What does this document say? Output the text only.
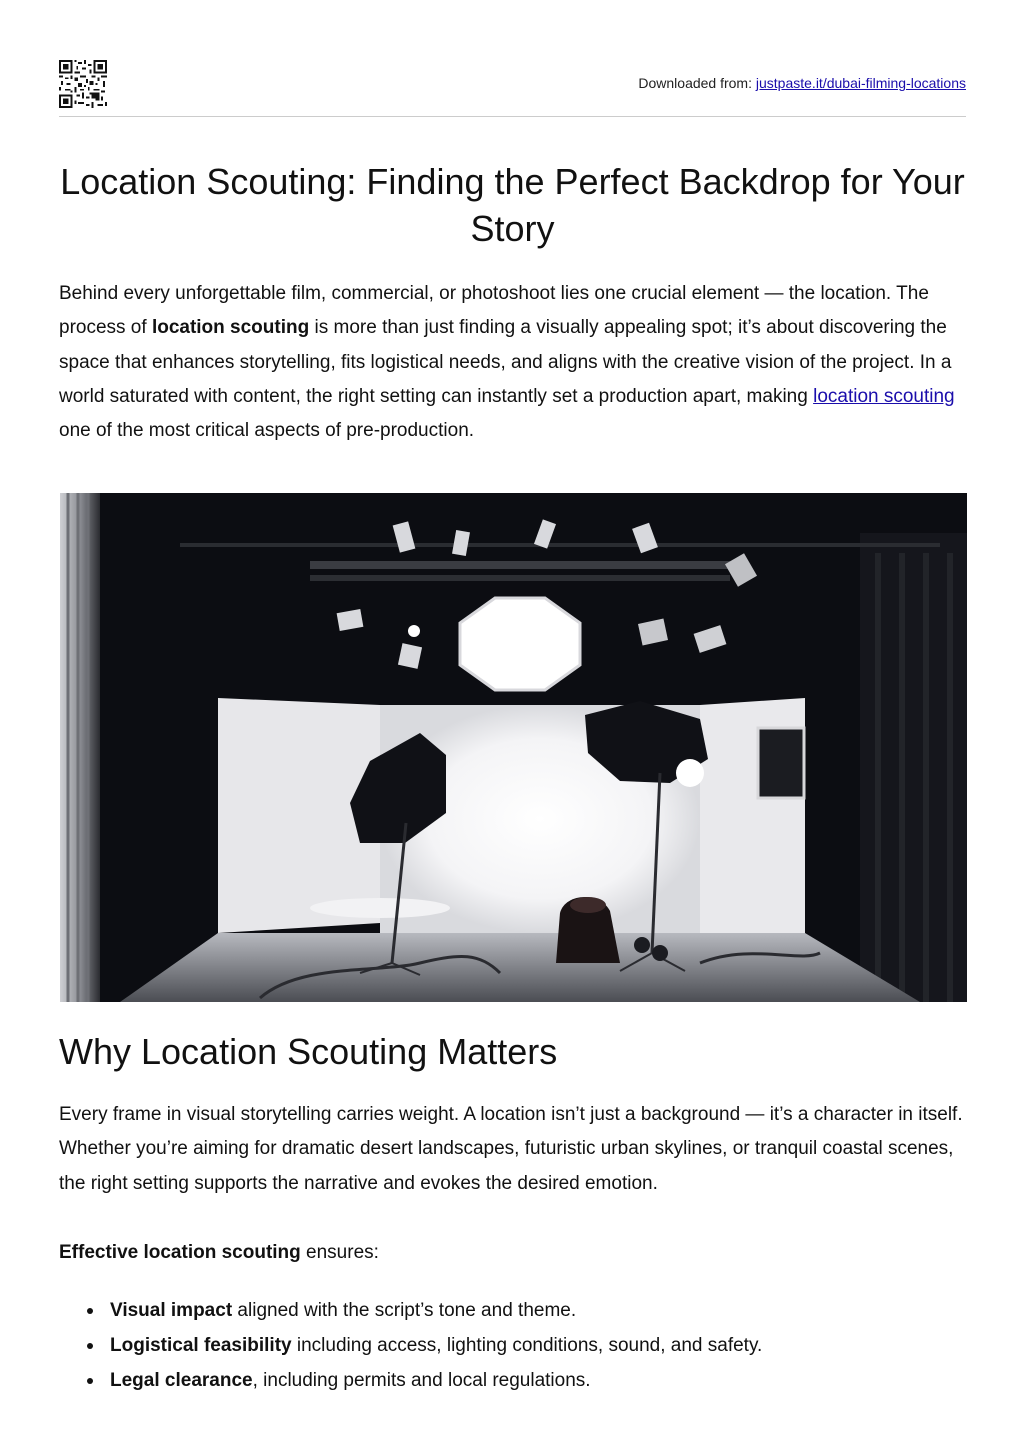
Downloaded from: justpaste.it/dubai-filming-locations
Location Scouting: Finding the Perfect Backdrop for Your Story

Behind every unforgettable film, commercial, or photoshoot lies one crucial element — the location. The process of location scouting is more than just finding a visually appealing spot; it’s about discovering the space that enhances storytelling, fits logistical needs, and aligns with the creative vision of the project. In a world saturated with content, the right setting can instantly set a production apart, making location scouting one of the most critical aspects of pre-production.

Why Location Scouting Matters

Every frame in visual storytelling carries weight. A location isn’t just a background — it’s a character in itself. Whether you’re aiming for dramatic desert landscapes, futuristic urban skylines, or tranquil coastal scenes, the right setting supports the narrative and evokes the desired emotion.

Effective location scouting ensures:

Visual impact aligned with the script’s tone and theme.
Logistical feasibility including access, lighting conditions, sound, and safety.
Legal clearance, including permits and local regulations.
